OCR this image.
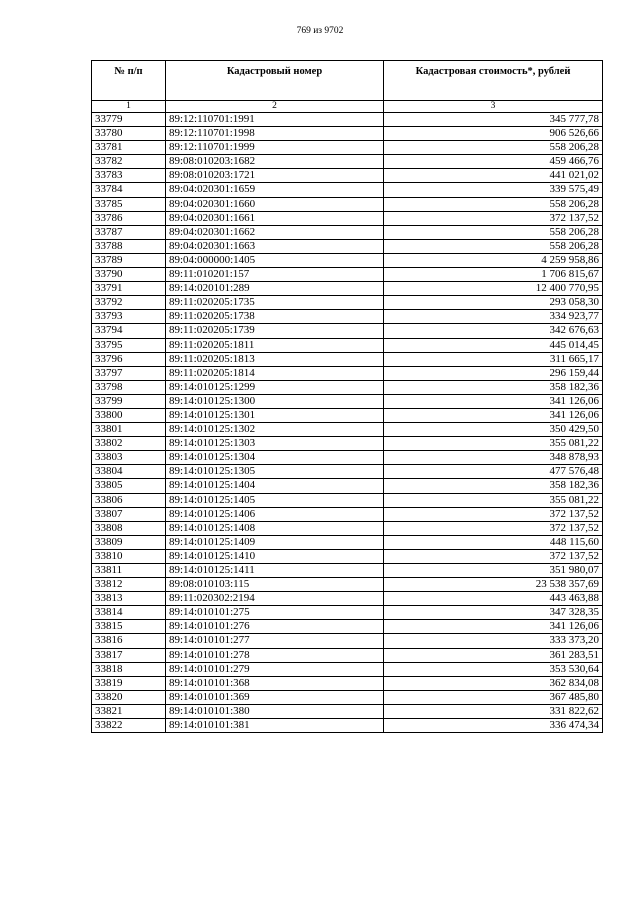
769 из 9702
№ п/п	Кадастровый номер	Кадастровая стоимость*, рублей
1	2	3
33779	89:12:110701:1991	345 777,78
33780	89:12:110701:1998	906 526,66
33781	89:12:110701:1999	558 206,28
33782	89:08:010203:1682	459 466,76
33783	89:08:010203:1721	441 021,02
33784	89:04:020301:1659	339 575,49
33785	89:04:020301:1660	558 206,28
33786	89:04:020301:1661	372 137,52
33787	89:04:020301:1662	558 206,28
33788	89:04:020301:1663	558 206,28
33789	89:04:000000:1405	4 259 958,86
33790	89:11:010201:157	1 706 815,67
33791	89:14:020101:289	12 400 770,95
33792	89:11:020205:1735	293 058,30
33793	89:11:020205:1738	334 923,77
33794	89:11:020205:1739	342 676,63
33795	89:11:020205:1811	445 014,45
33796	89:11:020205:1813	311 665,17
33797	89:11:020205:1814	296 159,44
33798	89:14:010125:1299	358 182,36
33799	89:14:010125:1300	341 126,06
33800	89:14:010125:1301	341 126,06
33801	89:14:010125:1302	350 429,50
33802	89:14:010125:1303	355 081,22
33803	89:14:010125:1304	348 878,93
33804	89:14:010125:1305	477 576,48
33805	89:14:010125:1404	358 182,36
33806	89:14:010125:1405	355 081,22
33807	89:14:010125:1406	372 137,52
33808	89:14:010125:1408	372 137,52
33809	89:14:010125:1409	448 115,60
33810	89:14:010125:1410	372 137,52
33811	89:14:010125:1411	351 980,07
33812	89:08:010103:115	23 538 357,69
33813	89:11:020302:2194	443 463,88
33814	89:14:010101:275	347 328,35
33815	89:14:010101:276	341 126,06
33816	89:14:010101:277	333 373,20
33817	89:14:010101:278	361 283,51
33818	89:14:010101:279	353 530,64
33819	89:14:010101:368	362 834,08
33820	89:14:010101:369	367 485,80
33821	89:14:010101:380	331 822,62
33822	89:14:010101:381	336 474,34
